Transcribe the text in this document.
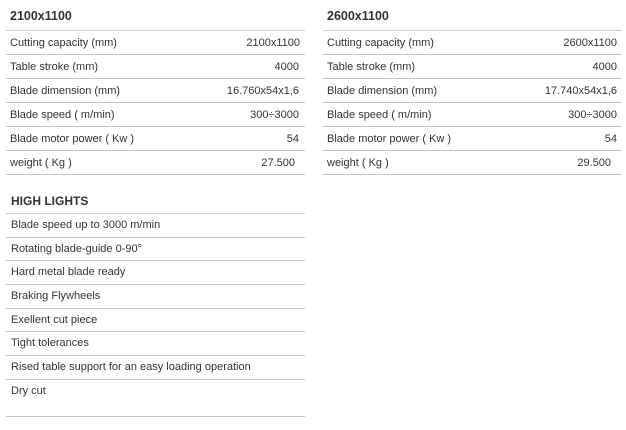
2100x1100
Cutting capacity (mm)	2100x1100
Table stroke (mm)	4000
Blade dimension (mm)	16.760x54x1,6
Blade speed ( m/min)	300÷3000
Blade motor power ( Kw )	54
weight ( Kg )	27.500
2600x1100
Cutting capacity (mm)	2600x1100
Table stroke (mm)	4000
Blade dimension (mm)	17.740x54x1,6
Blade speed ( m/min)	300÷3000
Blade motor power ( Kw )	54
weight ( Kg )	29.500
HIGH LIGHTS
Blade speed up to 3000 m/min
Rotating blade-guide 0-90°
Hard metal blade ready
Braking Flywheels
Exellent cut piece
Tight tolerances
Rised table support for an easy loading operation
Dry cut
